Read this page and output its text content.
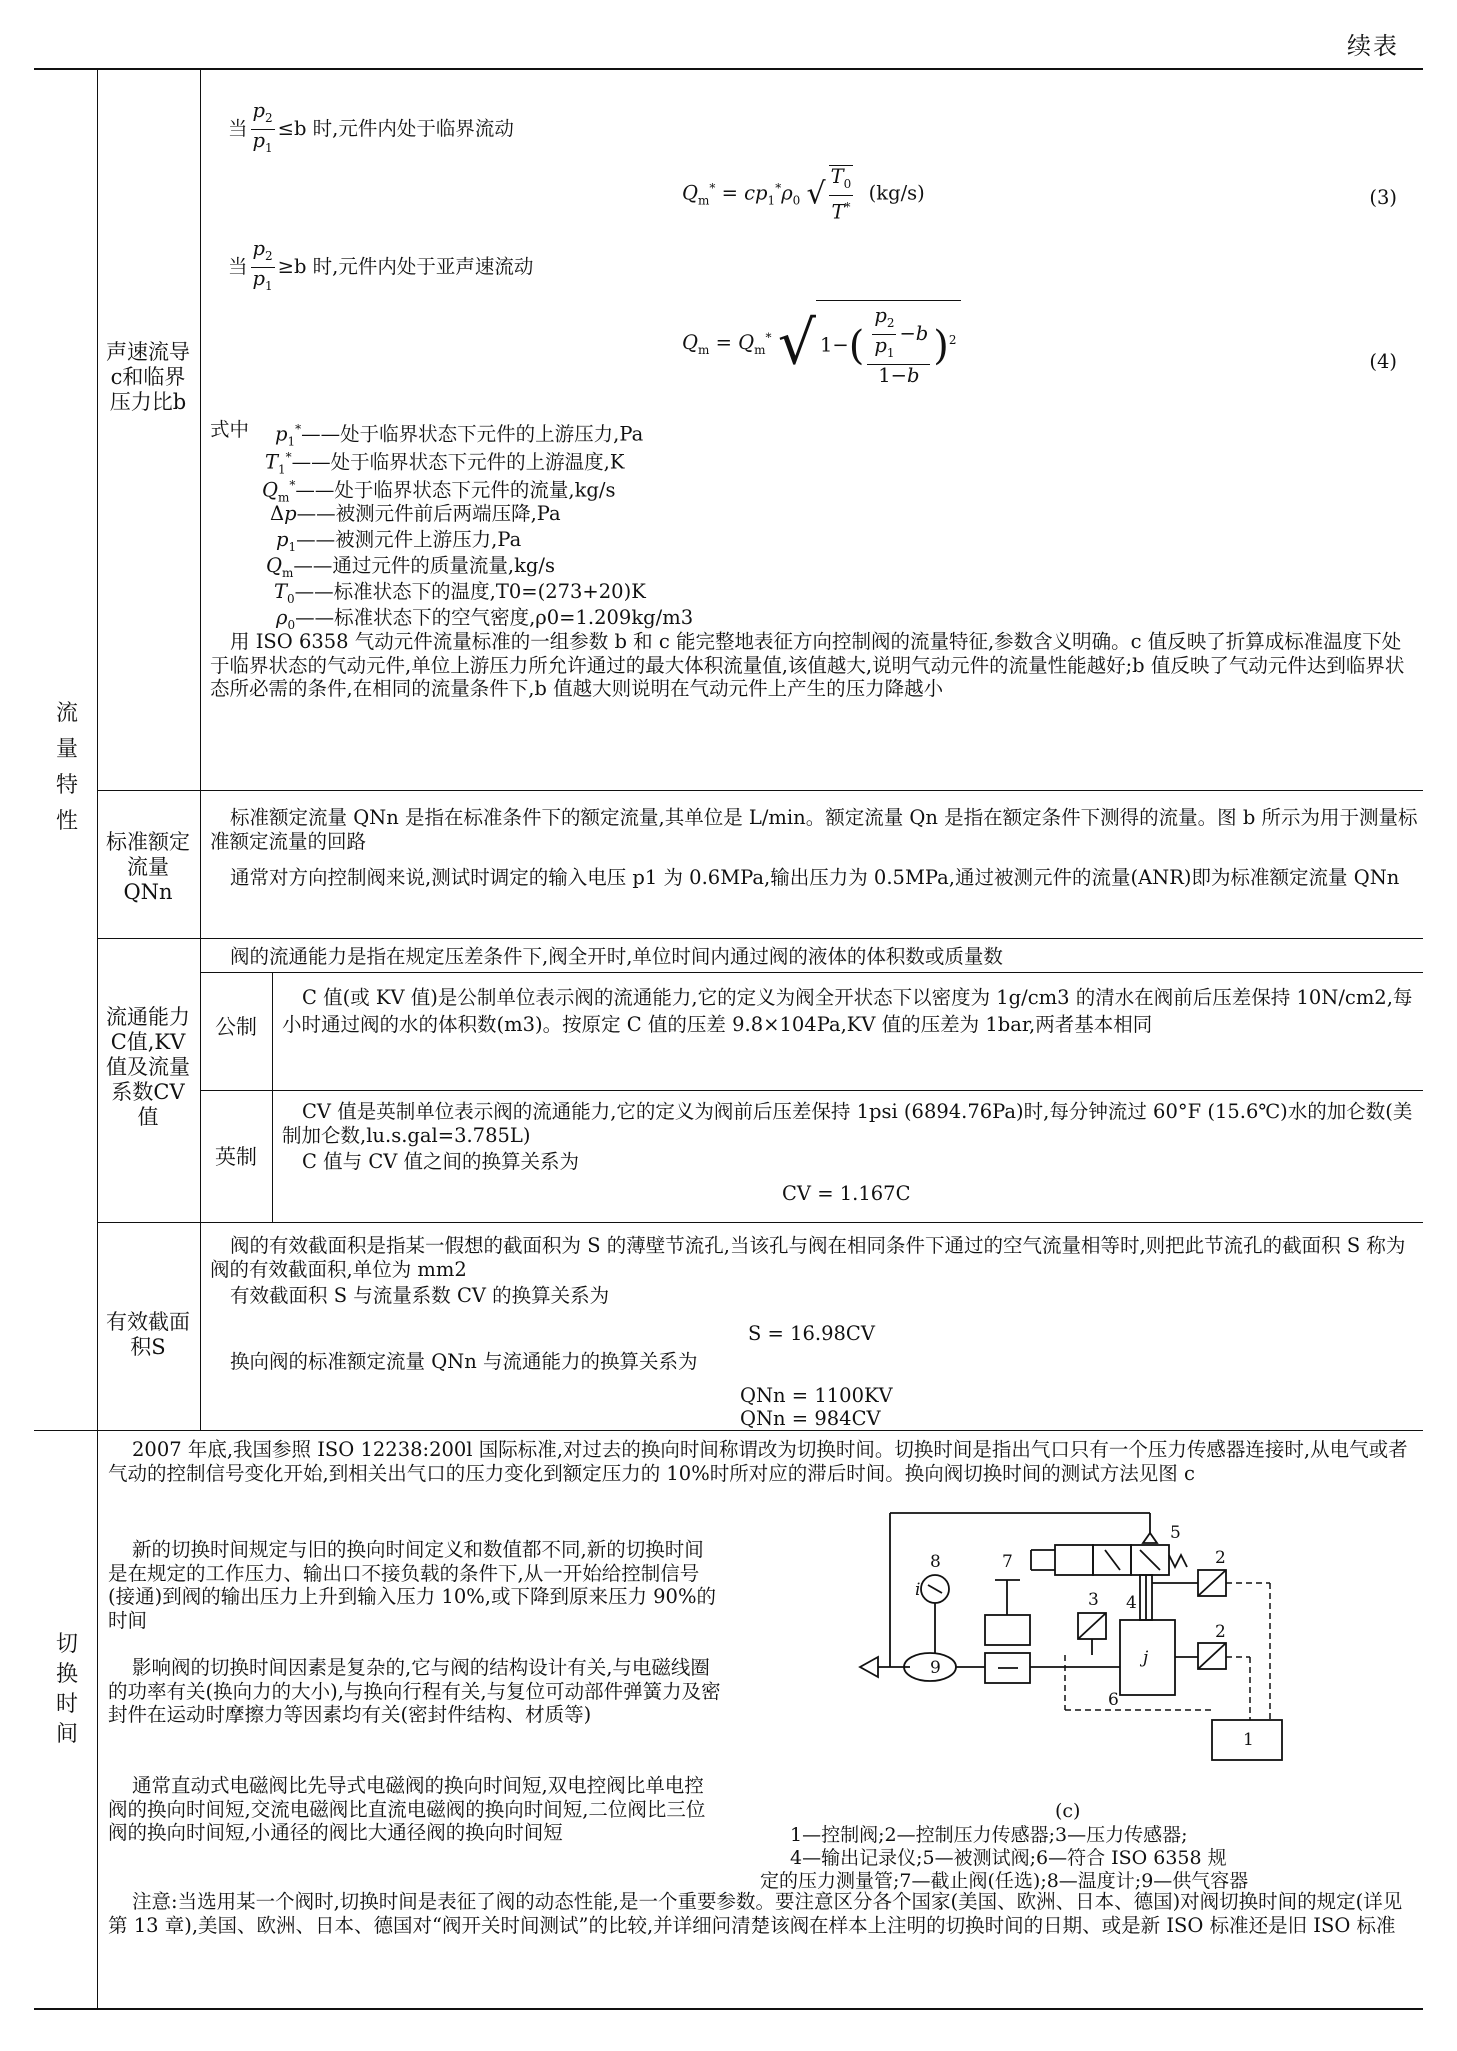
续表
流量特性
切换时间
声速流导c和临界压力比b
标准额定流量 QNn
流通能力C值,KV值及流量系数CV值
有效截面积S
当 $\frac{p_2}{p_1} \le b$ 时,元件内处于临界流动
$Q_m^* = cp_1^*\rho_0$ √ $\frac{T_0}{T^*} (kg/s)$	(3)
当 $\frac{p_2}{p_1} \ge b$ 时,元件内处于亚声速流动
$Q_m = Q_m^*$ √ $1-( \frac{\frac{p_2}{p_1} -b}{1-b} )^2$
(4)
式中 $p_1^*——$处于临界状态下元件的上游压力,Pa
$T_1^*——$处于临界状态下元件的上游温度,K
$Q_m^*——$处于临界状态下元件的流量,kg/s
Δp——被测元件前后两端压降,Pa
$p_1——$被测元件上游压力,Pa
$Q_m——$通过元件的质量流量,kg/s
$T_0——$标准状态下的温度,T0=(273+20)K
$\rho_0——$标准状态下的空气密度,ρ0=1.209kg/m3
用 ISO 6358 气动元件流量标准的一组参数 b 和 c 能完整地表征方向控制阀的流量特征,参数含义明确。c 值反映了折算成标准温度下处于临界状态的气动元件,单位上游压力所允许通过的最大体积流量值,该值越大,说明气动元件的流量性能越好;b 值反映了气动元件达到临界状态所必需的条件,在相同的流量条件下,b 值越大则说明在气动元件上产生的压力降越小
标准额定流量 QNn 是指在标准条件下的额定流量,其单位是 L/min。额定流量 Qn 是指在额定条件下测得的流量。图 b 所示为用于测量标准额定流量的回路
通常对方向控制阀来说,测试时调定的输入电压 p1 为 0.6MPa,输出压力为 0.5MPa,通过被测元件的流量(ANR)即为标准额定流量 QNn
阀的流通能力是指在规定压差条件下,阀全开时,单位时间内通过阀的液体的体积数或质量数
公制
C 值(或 KV 值)是公制单位表示阀的流通能力,它的定义为阀全开状态下以密度为 1g/cm3 的清水在阀前后压差保持 10N/cm2,每小时通过阀的水的体积数(m3)。按原定 C 值的压差 9.8×104Pa,KV 值的压差为 1bar,两者基本相同
英制
CV 值是英制单位表示阀的流通能力,它的定义为阀前后压差保持 1psi (6894.76Pa)时,每分钟流过 60°F (15.6℃)水的加仑数(美制加仑数,lu.s.gal=3.785L)
C 值与 CV 值之间的换算关系为
CV = 1.167C
阀的有效截面积是指某一假想的截面积为 S 的薄壁节流孔,当该孔与阀在相同条件下通过的空气流量相等时,则把此节流孔的截面积 S 称为阀的有效截面积,单位为 mm2
有效截面积 S 与流量系数 CV 的换算关系为
S = 16.98CV
换向阀的标准额定流量 QNn 与流通能力的换算关系为
QNn = 1100KV
QNn = 984CV
2007 年底,我国参照 ISO 12238:200l 国际标准,对过去的换向时间称谓改为切换时间。切换时间是指出气口只有一个压力传感器连接时,从电气或者气动的控制信号变化开始,到相关出气口的压力变化到额定压力的 10%时所对应的滞后时间。换向阀切换时间的测试方法见图 c
新的切换时间规定与旧的换向时间定义和数值都不同,新的切换时间是在规定的工作压力、输出口不接负载的条件下,从一开始给控制信号(接通)到阀的输出压力上升到输入压力 10%,或下降到原来压力 90%的时间
影响阀的切换时间因素是复杂的,它与阀的结构设计有关,与电磁线圈的功率有关(换向力的大小),与换向行程有关,与复位可动部件弹簧力及密封件在运动时摩擦力等因素均有关(密封件结构、材质等)
通常直动式电磁阀比先导式电磁阀的换向时间短,双电控阀比单电控阀的换向时间短,交流电磁阀比直流电磁阀的换向时间短,二位阀比三位阀的换向时间短,小通径的阀比大通径阀的换向时间短
注意:当选用某一个阀时,切换时间是表征了阀的动态性能,是一个重要参数。要注意区分各个国家(美国、欧洲、日本、德国)对阀切换时间的规定(详见第 13 章),美国、欧洲、日本、德国对“阀开关时间测试”的比较,并详细问清楚该阀在样本上注明的切换时间的日期、或是新 ISO 标准还是旧 ISO 标准
9
8
i
7
3 4
5
2
2
j
6
1
(c)
1—控制阀;2—控制压力传感器;3—压力传感器;
4—输出记录仪;5—被测试阀;6—符合 ISO 6358 规
定的压力测量管;7—截止阀(任选);8—温度计;9—供气容器
